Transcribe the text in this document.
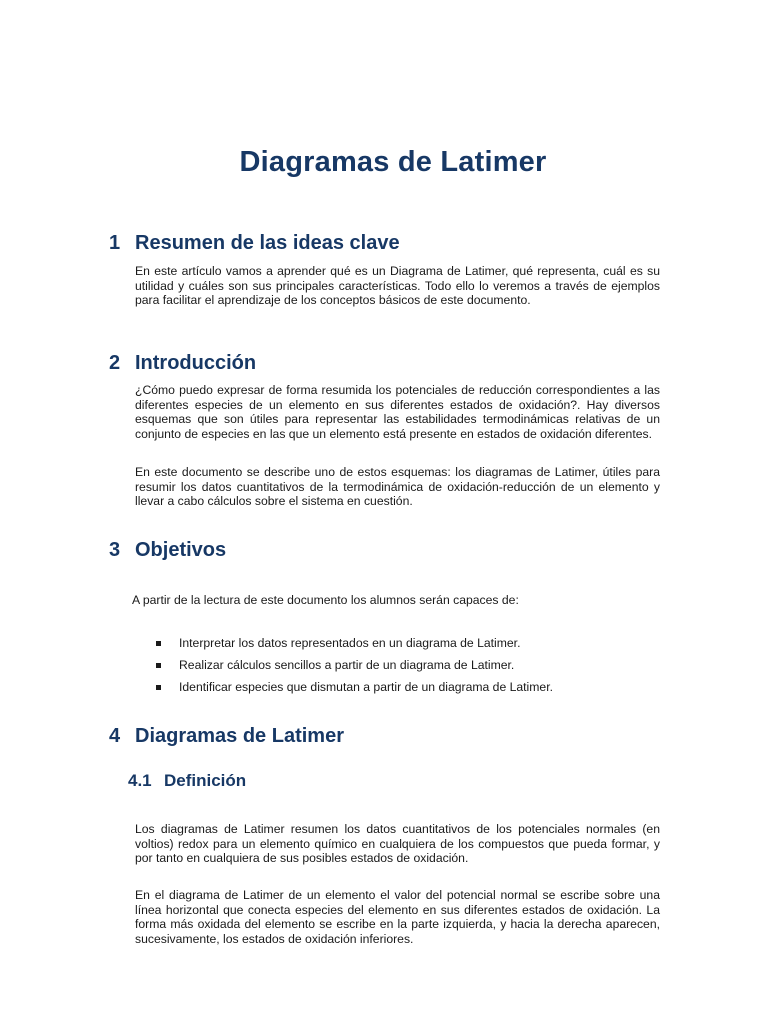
Diagramas de Latimer
1 Resumen de las ideas clave

En este artículo vamos a aprender qué es un Diagrama de Latimer, qué representa, cuál es su utilidad y cuáles son sus principales características. Todo ello lo veremos a través de ejemplos para facilitar el aprendizaje de los conceptos básicos de este documento.

2 Introducción

¿Cómo puedo expresar de forma resumida los potenciales de reducción correspondientes a las diferentes especies de un elemento en sus diferentes estados de oxidación?. Hay diversos esquemas que son útiles para representar las estabilidades termodinámicas relativas de un conjunto de especies en las que un elemento está presente en estados de oxidación diferentes.

En este documento se describe uno de estos esquemas: los diagramas de Latimer, útiles para resumir los datos cuantitativos de la termodinámica de oxidación-reducción de un elemento y llevar a cabo cálculos sobre el sistema en cuestión.

3 Objetivos

A partir de la lectura de este documento los alumnos serán capaces de:

Interpretar los datos representados en un diagrama de Latimer.
Realizar cálculos sencillos a partir de un diagrama de Latimer.
Identificar especies que dismutan a partir de un diagrama de Latimer.
4 Diagramas de Latimer
4.1 Definición

Los diagramas de Latimer resumen los datos cuantitativos de los potenciales normales (en voltios) redox para un elemento químico en cualquiera de los compuestos que pueda formar, y por tanto en cualquiera de sus posibles estados de oxidación.

En el diagrama de Latimer de un elemento el valor del potencial normal se escribe sobre una línea horizontal que conecta especies del elemento en sus diferentes estados de oxidación. La forma más oxidada del elemento se escribe en la parte izquierda, y hacia la derecha aparecen, sucesivamente, los estados de oxidación inferiores.
